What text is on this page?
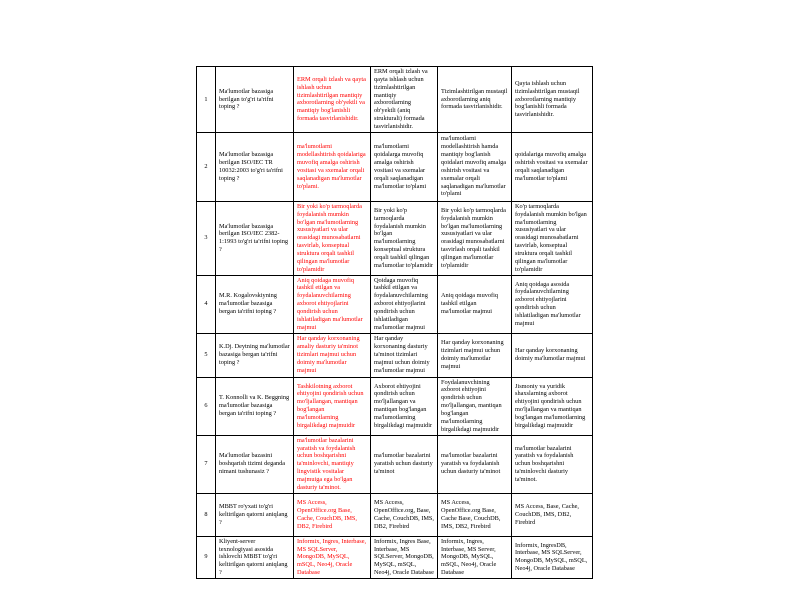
1	Ma'lumotlar bazasiga berilgan to'g'ri ta'rifni toping ?	ERM orqali izlash va qayta ishlash uchun tizimlashtirilgan mantiqiy axborotlarning ob'yektli va mantiqiy bog'lanishli formada tasvirlanishidir.	ERM orqali izlash va qayta ishlash uchun tizimlashtirilgan mantiqiy axborotlarning ob'yektli (aniq strukturali) formada tasvirlanishidir.	Tizimlashtirilgan mustaqil axborotlarning aniq formada tasvirlanishidir.	Qayta ishlash uchun tizimlashtirilgan mustaqil axborotlarning mantiqiy bog'lanishli formada tasvirlanishidir.
2	Ma'lumotlar bazasiga berilgan ISO/IEC TR 10032:2003 to'g'ri ta'rifni toping ?	ma'lumotlarni modellashtirish qoidalariga muvofiq amalga oshirish vositasi va sxemalar orqali saqlanadigan ma'lumotlar to'plami.	ma'lumotlarni qoidalarga muvofiq amalga oshirish vositasi va sxemalar orqali saqlanadigan ma'lumotlar to'plami	ma'lumotlarni modellashtirish hamda mantiqiy bog'lanish qoidalari muvofiq amalga oshirish vositasi va sxemalar orqali saqlanadigan ma'lumotlar to'plami	qoidalariga muvofiq amalga oshirish vositasi va sxemalar orqali saqlanadigan ma'lumotlar to'plami
3	Ma'lumotlar bazasiga berilgan ISO/IEC 2382-1:1993 to'g'ri ta'rifni toping ?	Bir yoki ko'p tarmoqlarda foydalanish mumkin bo'lgan ma'lumotlarning xususiyatlari va ular orasidagi munosabatlarni tasvirlab, konseptual struktura orqali tashkil qilingan ma'lumotlar to'plamidir	Bir yoki ko'p tarmoqlarda foydalanish mumkin bo'lgan ma'lumotlarning konseptual struktura orqali tashkil qilingan ma'lumotlar to'plamidir	Bir yoki ko'p tarmoqlarda foydalanish mumkin bo'lgan ma'lumotlarning xususiyatlari va ular orasidagi munosabatlarni tasvirlash orqali tashkil qilingan ma'lumotlar to'plamidir	Ko'p tarmoqlarda foydalanish mumkin bo'lgan ma'lumotlarning xususiyatlari va ular orasidagi munosabatlarni tasvirlab, konseptual struktura orqali tashkil qilingan ma'lumotlar to'plamidir
4	M.R. Kogalovskiyning ma'lumotlar bazasiga bergan ta'rifni toping ?	Aniq qoidaga muvofiq tashkil etilgan va foydalanuvchilarning axborot ehtiyojlarini qondirish uchun ishlatiladigan ma'lumotlar majmui	Qoidaga muvofiq tashkil etilgan va foydalanuvchilarning axborot ehtiyojlarini qondirish uchun ishlatiladigan ma'lumotlar majmui	Aniq qoidaga muvofiq tashkil etilgan ma'lumotlar majmui	Aniq qoidaga asosida foydalanuvchilarning axborot ehtiyojlarini qondirish uchun ishlatiladigan ma'lumotlar majmui
5	K.Dj. Deytning ma'lumotlar bazasiga bergan ta'rifni toping ?	Har qanday korxonaning amaliy dasturiy ta'minot tizimlari majmui uchun doimiy ma'lumotlar majmui	Har qanday korxonaning dasturiy ta'minot tizimlari majmui uchun doimiy ma'lumotlar majmui	Har qanday korxonaning tizimlari majmui uchun doimiy ma'lumotlar majmui	Har qanday korxonaning doimiy ma'lumotlar majmui
6	T. Konnolli va K. Beggning ma'lumotlar bazasiga bergan ta'rifni toping ?	Tashkilotning axborot ehtiyojini qondirish uchun mo'ljallangan, mantiqan bog'langan ma'lumotlarning birgalikdagi majmuidir	Axborot ehtiyojini qondirish uchun mo'ljallangan va mantiqan bog'langan ma'lumotlarning birgalikdagi majmuidir	Foydalanuvchining axborot ehtiyojini qondirish uchun mo'ljallangan, mantiqan bog'langan ma'lumotlarning birgalikdagi majmuidir	Jismoniy va yuridik shaxslarning axborot ehtiyojini qondirish uchun mo'ljallangan va mantiqan bog'langan ma'lumotlarning birgalikdagi majmuidir
7	Ma'lumotlar bazasini boshqarish tizimi deganda nimani tushunasiz ?	ma'lumotlar bazalarini yaratish va foydalanish uchun boshqarishni ta'minlovchi, mantiqiy lingvistik vositalar majmuiga ega bo'lgan dasturiy ta'minot.	ma'lumotlar bazalarini yaratish uchun dasturiy ta'minot	ma'lumotlar bazalarini yaratish va foydalanish uchun dasturiy ta'minot	ma'lumotlar bazalarini yaratish va foydalanish uchun boshqarishni ta'minlovchi dasturiy ta'minot.
8	MBBT ro'yxati to'g'ri keltirilgan qatorni aniqlang ?	MS Access, OpenOffice.org Base, Cache, CouchDB, IMS, DB2, Firebird	MS Access, OpenOffice.org, Base, Cache, CouchDB, IMS, DB2, Firebird	MS Access, OpenOffice.org Base, Cache Base, CouchDB, IMS, DB2, Firebird	MS Access, Base, Cache, CouchDB, IMS, DB2, Firebird
9	Kliyent-server texnologiyasi asosida ishlovchi MBBT to'g'ri keltirilgan qatorni aniqlang ?	Informix, Ingres, Interbase, MS SQLServer, MongoDB, MySQL, mSQL, Neo4j, Oracle Database	Informix, Ingres Base, Interbase, MS SQLServer, MongoDB, MySQL, mSQL, Neo4j, Oracle Database	Informix, Ingres, Interbase, MS Server, MongoDB, MySQL, mSQL, Neo4j, Oracle Database	Informix, IngresDB, Interbase, MS SQLServer, MongoDB, MySQL, mSQL, Neo4j, Oracle Database
